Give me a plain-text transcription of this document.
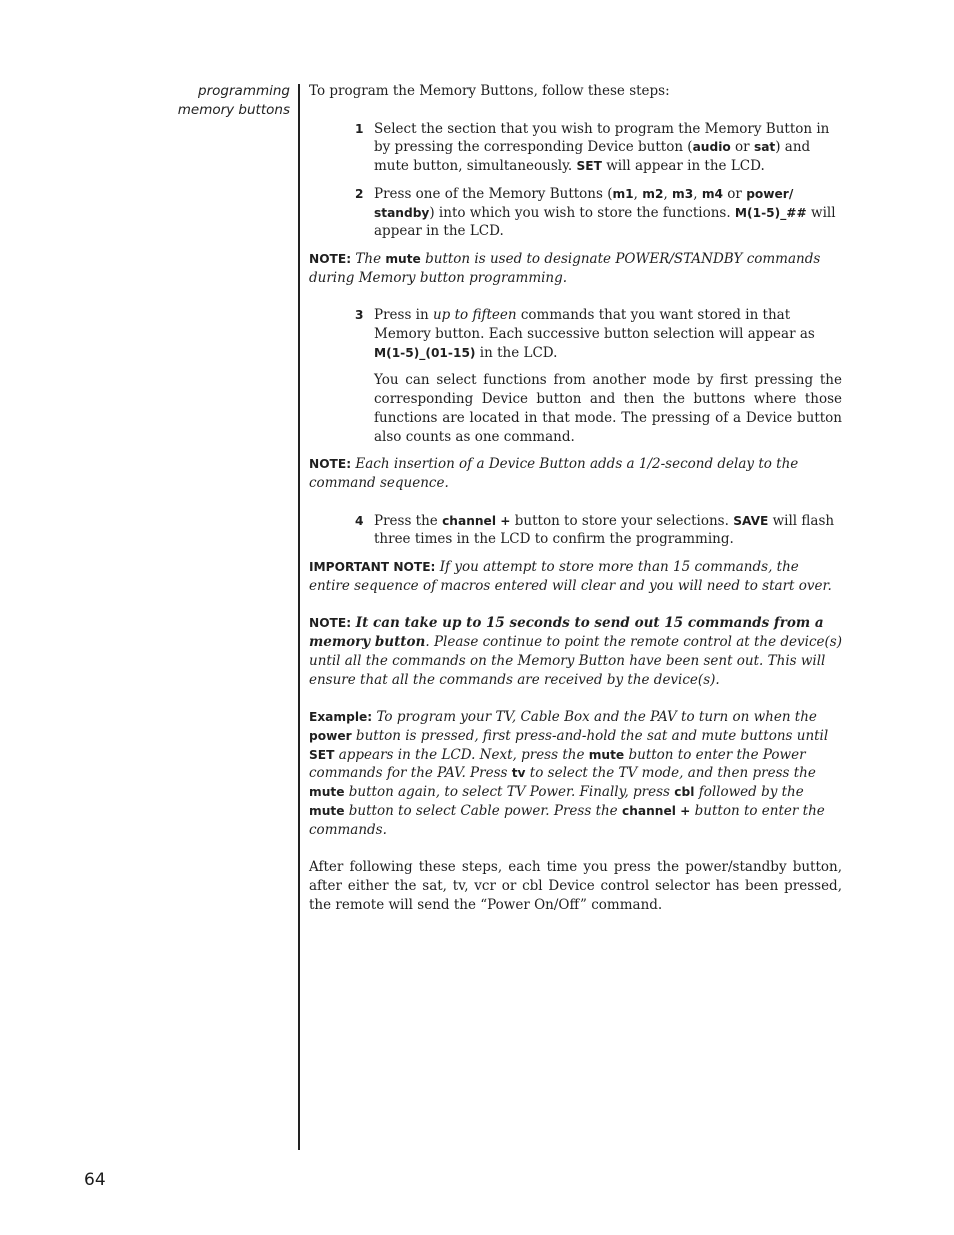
programming
memory buttons

To program the Memory Buttons, follow these steps:

1 Select the section that you wish to program the Memory Button in by pressing the corresponding Device button (audio or sat) and mute button, simultaneously. SET will appear in the LCD.
2 Press one of the Memory Buttons (m1, m2, m3, m4 or power/ standby) into which you wish to store the functions. M(1-5)_## will appear in the LCD.

NOTE: The mute button is used to designate POWER/STANDBY commands during Memory button programming.

3 Press in up to fifteen commands that you want stored in that Memory button. Each successive button selection will appear as M(1-5)_(01-15) in the LCD.

You can select functions from another mode by first pressing the corresponding Device button and then the buttons where those functions are located in that mode. The pressing of a Device button also counts as one command.

NOTE: Each insertion of a Device Button adds a 1/2-second delay to the command sequence.

4 Press the channel + button to store your selections. SAVE will flash three times in the LCD to confirm the programming.

IMPORTANT NOTE: If you attempt to store more than 15 commands, the entire sequence of macros entered will clear and you will need to start over.

NOTE: It can take up to 15 seconds to send out 15 commands from a memory button. Please continue to point the remote control at the device(s) until all the commands on the Memory Button have been sent out. This will ensure that all the commands are received by the device(s).

Example: To program your TV, Cable Box and the PAV to turn on when the power button is pressed, first press-and-hold the sat and mute buttons until SET appears in the LCD. Next, press the mute button to enter the Power commands for the PAV. Press tv to select the TV mode, and then press the mute button again, to select TV Power. Finally, press cbl followed by the mute button to select Cable power. Press the channel + button to enter the commands.

After following these steps, each time you press the power/standby button, after either the sat, tv, vcr or cbl Device control selector has been pressed, the remote will send the “Power On/Off” command.

64
